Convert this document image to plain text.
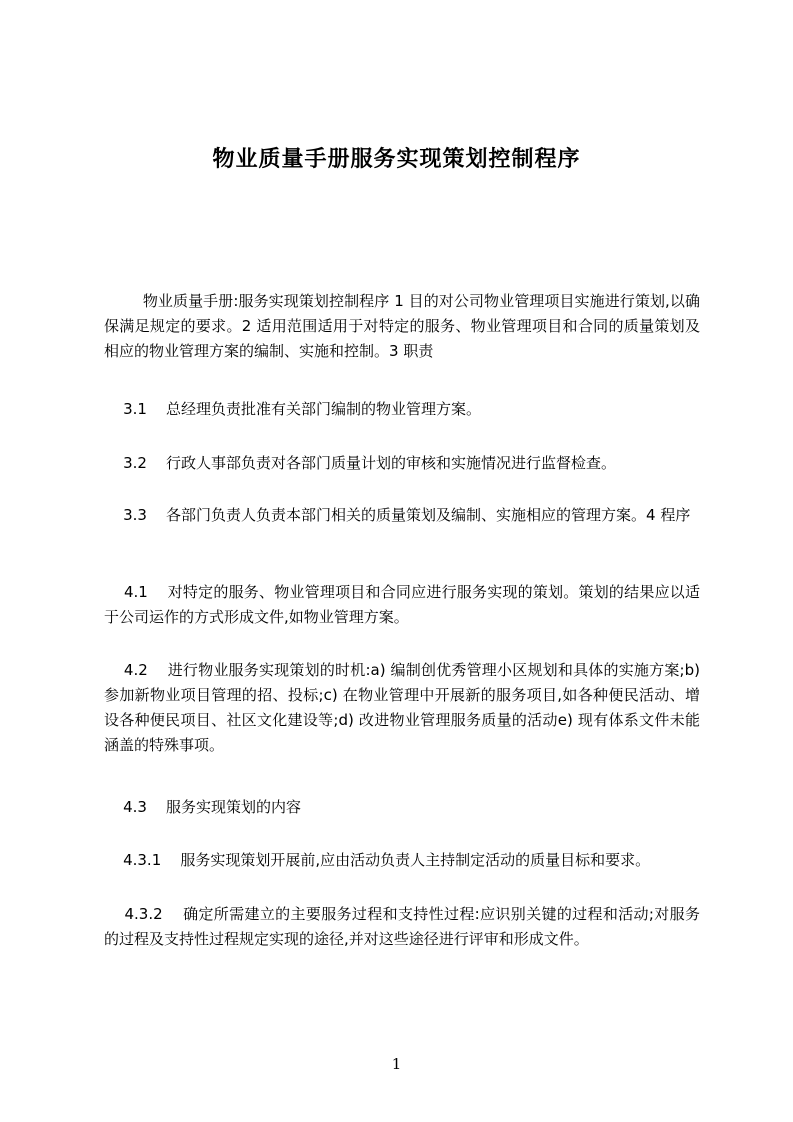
物业质量手册服务实现策划控制程序

物业质量手册:服务实现策划控制程序 1 目的对公司物业管理项目实施进行策划,以确保满足规定的要求。2 适用范围适用于对特定的服务、物业管理项目和合同的质量策划及相应的物业管理方案的编制、实施和控制。3 职责

3.1    总经理负责批准有关部门编制的物业管理方案。

3.2    行政人事部负责对各部门质量计划的审核和实施情况进行监督检查。

3.3    各部门负责人负责本部门相关的质量策划及编制、实施相应的管理方案。4 程序

4.1    对特定的服务、物业管理项目和合同应进行服务实现的策划。策划的结果应以适于公司运作的方式形成文件,如物业管理方案。

4.2    进行物业服务实现策划的时机:a) 编制创优秀管理小区规划和具体的实施方案;b) 参加新物业项目管理的招、投标;c) 在物业管理中开展新的服务项目,如各种便民活动、增设各种便民项目、社区文化建设等;d) 改进物业管理服务质量的活动e) 现有体系文件未能涵盖的特殊事项。

4.3    服务实现策划的内容

4.3.1    服务实现策划开展前,应由活动负责人主持制定活动的质量目标和要求。

4.3.2    确定所需建立的主要服务过程和支持性过程:应识别关键的过程和活动;对服务的过程及支持性过程规定实现的途径,并对这些途径进行评审和形成文件。

1
